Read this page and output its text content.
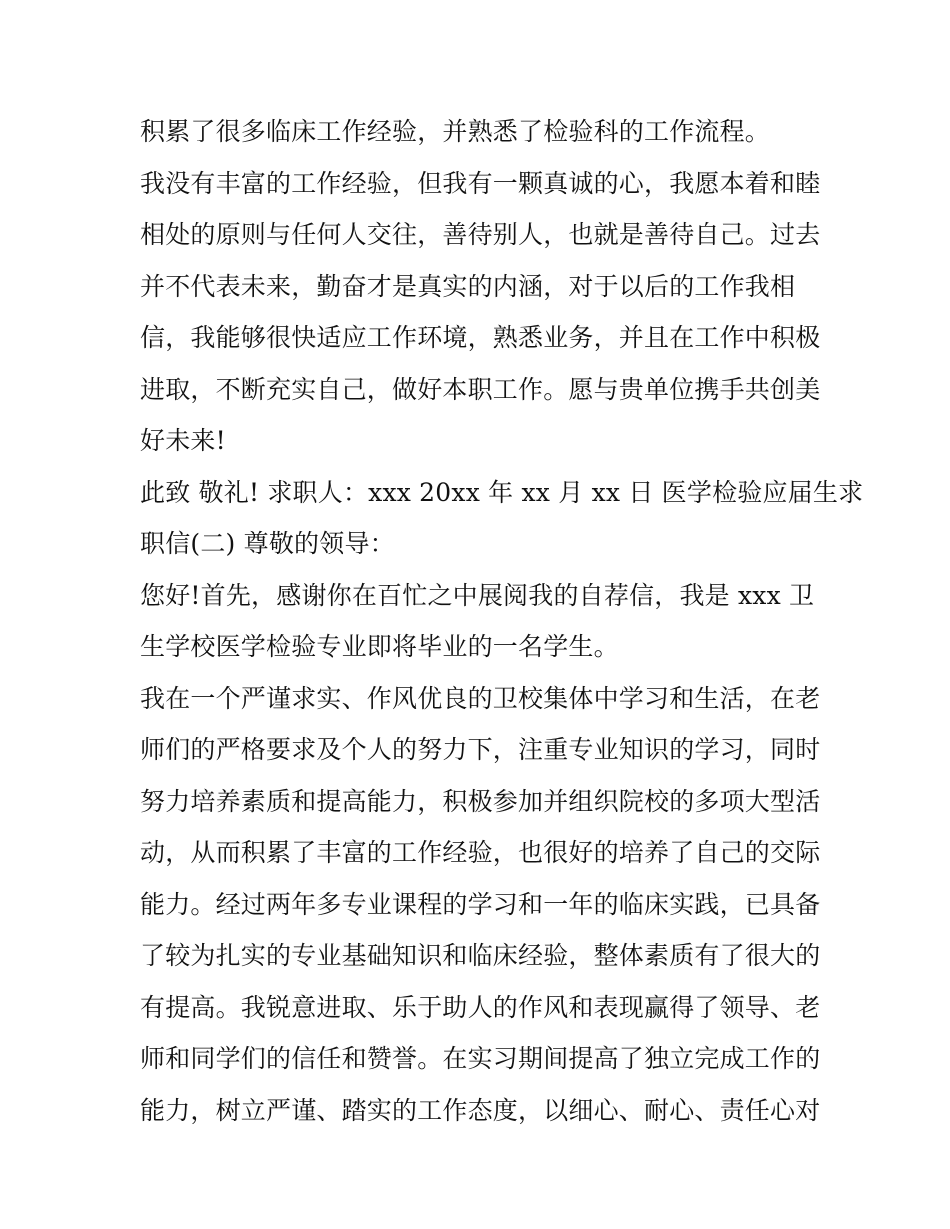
积累了很多临床工作经验，并熟悉了检验科的工作流程。
我没有丰富的工作经验，但我有一颗真诚的心，我愿本着和睦
相处的原则与任何人交往，善待别人，也就是善待自己。过去
并不代表未来，勤奋才是真实的内涵，对于以后的工作我相
信，我能够很快适应工作环境，熟悉业务，并且在工作中积极
进取，不断充实自己，做好本职工作。愿与贵单位携手共创美
好未来!
此致 敬礼! 求职人：xxx 20xx 年 xx 月 xx 日 医学检验应届生求
职信(二) 尊敬的领导：
您好!首先，感谢你在百忙之中展阅我的自荐信，我是 xxx 卫
生学校医学检验专业即将毕业的一名学生。
我在一个严谨求实、作风优良的卫校集体中学习和生活，在老
师们的严格要求及个人的努力下，注重专业知识的学习，同时
努力培养素质和提高能力，积极参加并组织院校的多项大型活
动，从而积累了丰富的工作经验，也很好的培养了自己的交际
能力。经过两年多专业课程的学习和一年的临床实践，已具备
了较为扎实的专业基础知识和临床经验，整体素质有了很大的
有提高。我锐意进取、乐于助人的作风和表现赢得了领导、老
师和同学们的信任和赞誉。在实习期间提高了独立完成工作的
能力，树立严谨、踏实的工作态度，以细心、耐心、责任心对
